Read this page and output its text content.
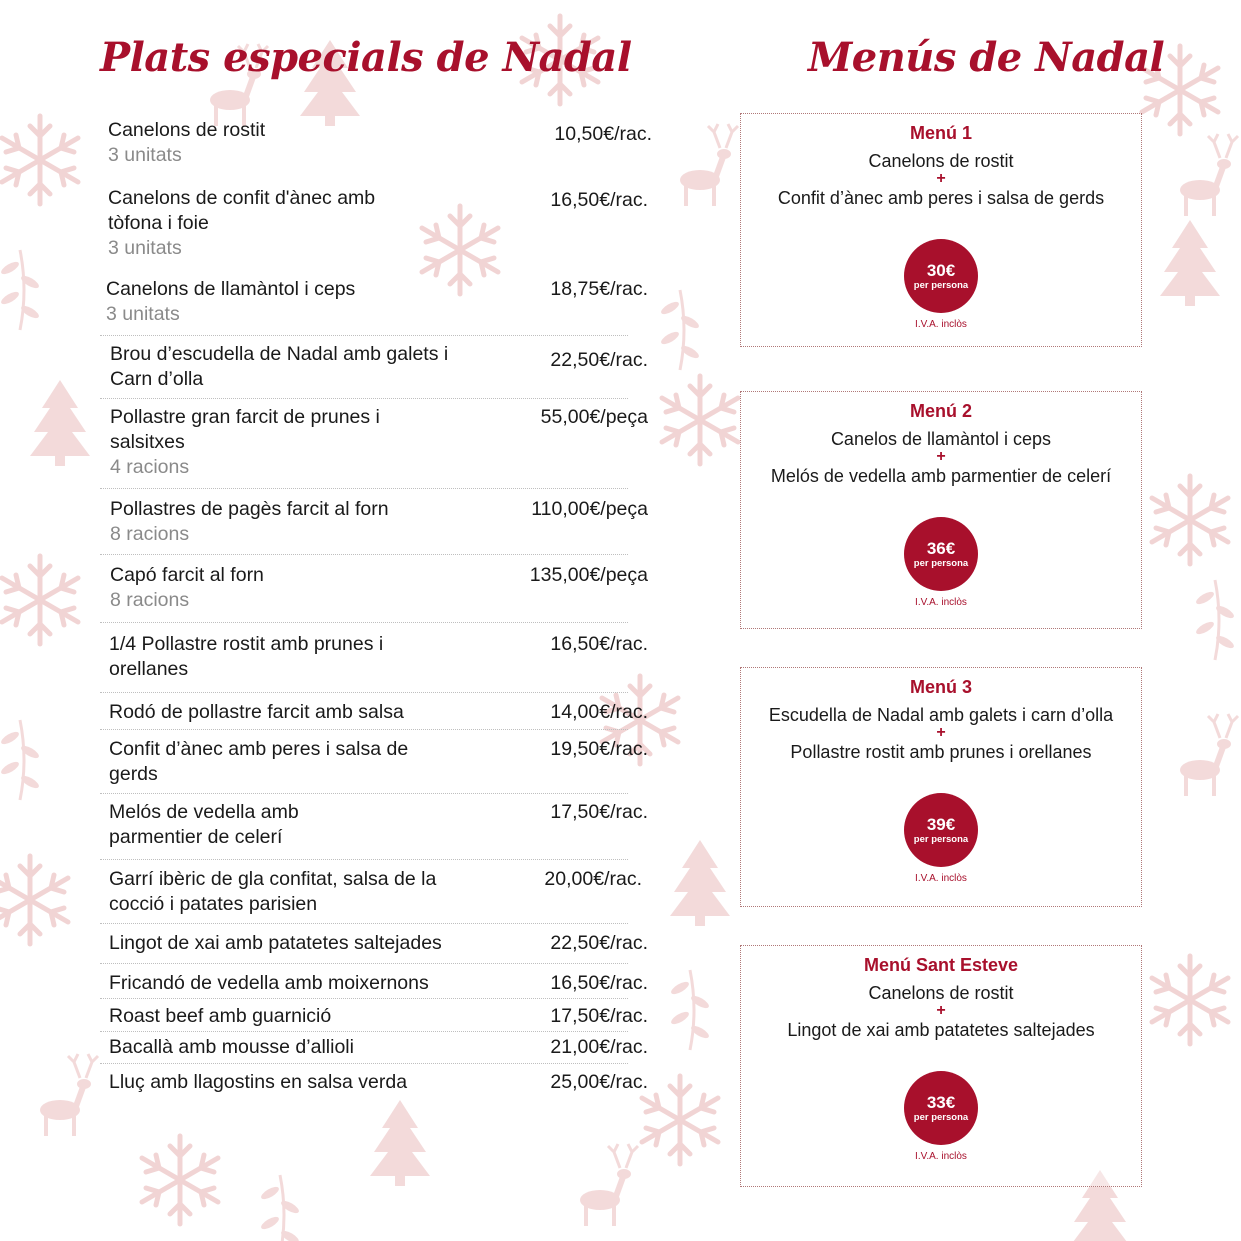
Plats especials de Nadal	Menús de Nadal
Canelons de rostit
3 unitats
10,50€/rac.
Canelons de confit d'ànec amb tòfona i foie
3 unitats
16,50€/rac.
Canelons de llamàntol i ceps
3 unitats
18,75€/rac.
Brou d’escudella de Nadal amb galets i Carn d’olla
22,50€/rac.
Pollastre gran farcit de prunes i salsitxes
4 racions
55,00€/peça
Pollastres de pagès farcit al forn
8 racions
110,00€/peça
Capó farcit al forn
8 racions
135,00€/peça
1/4 Pollastre rostit amb prunes i orellanes
16,50€/rac.
Rodó de pollastre farcit amb salsa	14,00€/rac.
Confit d’ànec amb peres i salsa de gerds
19,50€/rac.
Melós de vedella amb parmentier de celerí
17,50€/rac.
Garrí ibèric de gla confitat, salsa de la cocció i patates parisien
20,00€/rac.
Lingot de xai amb patatetes saltejades	22,50€/rac.
Fricandó de vedella amb moixernons	16,50€/rac.
Roast beef amb guarnició	17,50€/rac.
Bacallà amb mousse d’allioli	21,00€/rac.
Lluç amb llagostins en salsa verda	25,00€/rac.
Menú 1
Canelons de rostit
+
Confit d’ànec amb peres i salsa de gerds
30€
per persona
I.V.A. inclòs
Menú 2
Canelos de llamàntol i ceps
+
Melós de vedella amb parmentier de celerí
36€
per persona
I.V.A. inclòs
Menú 3
Escudella de Nadal amb galets i carn d’olla
+
Pollastre rostit amb prunes i orellanes
39€
per persona
I.V.A. inclòs
Menú Sant Esteve
Canelons de rostit
+
Lingot de xai amb patatetes saltejades
33€
per persona
I.V.A. inclòs
